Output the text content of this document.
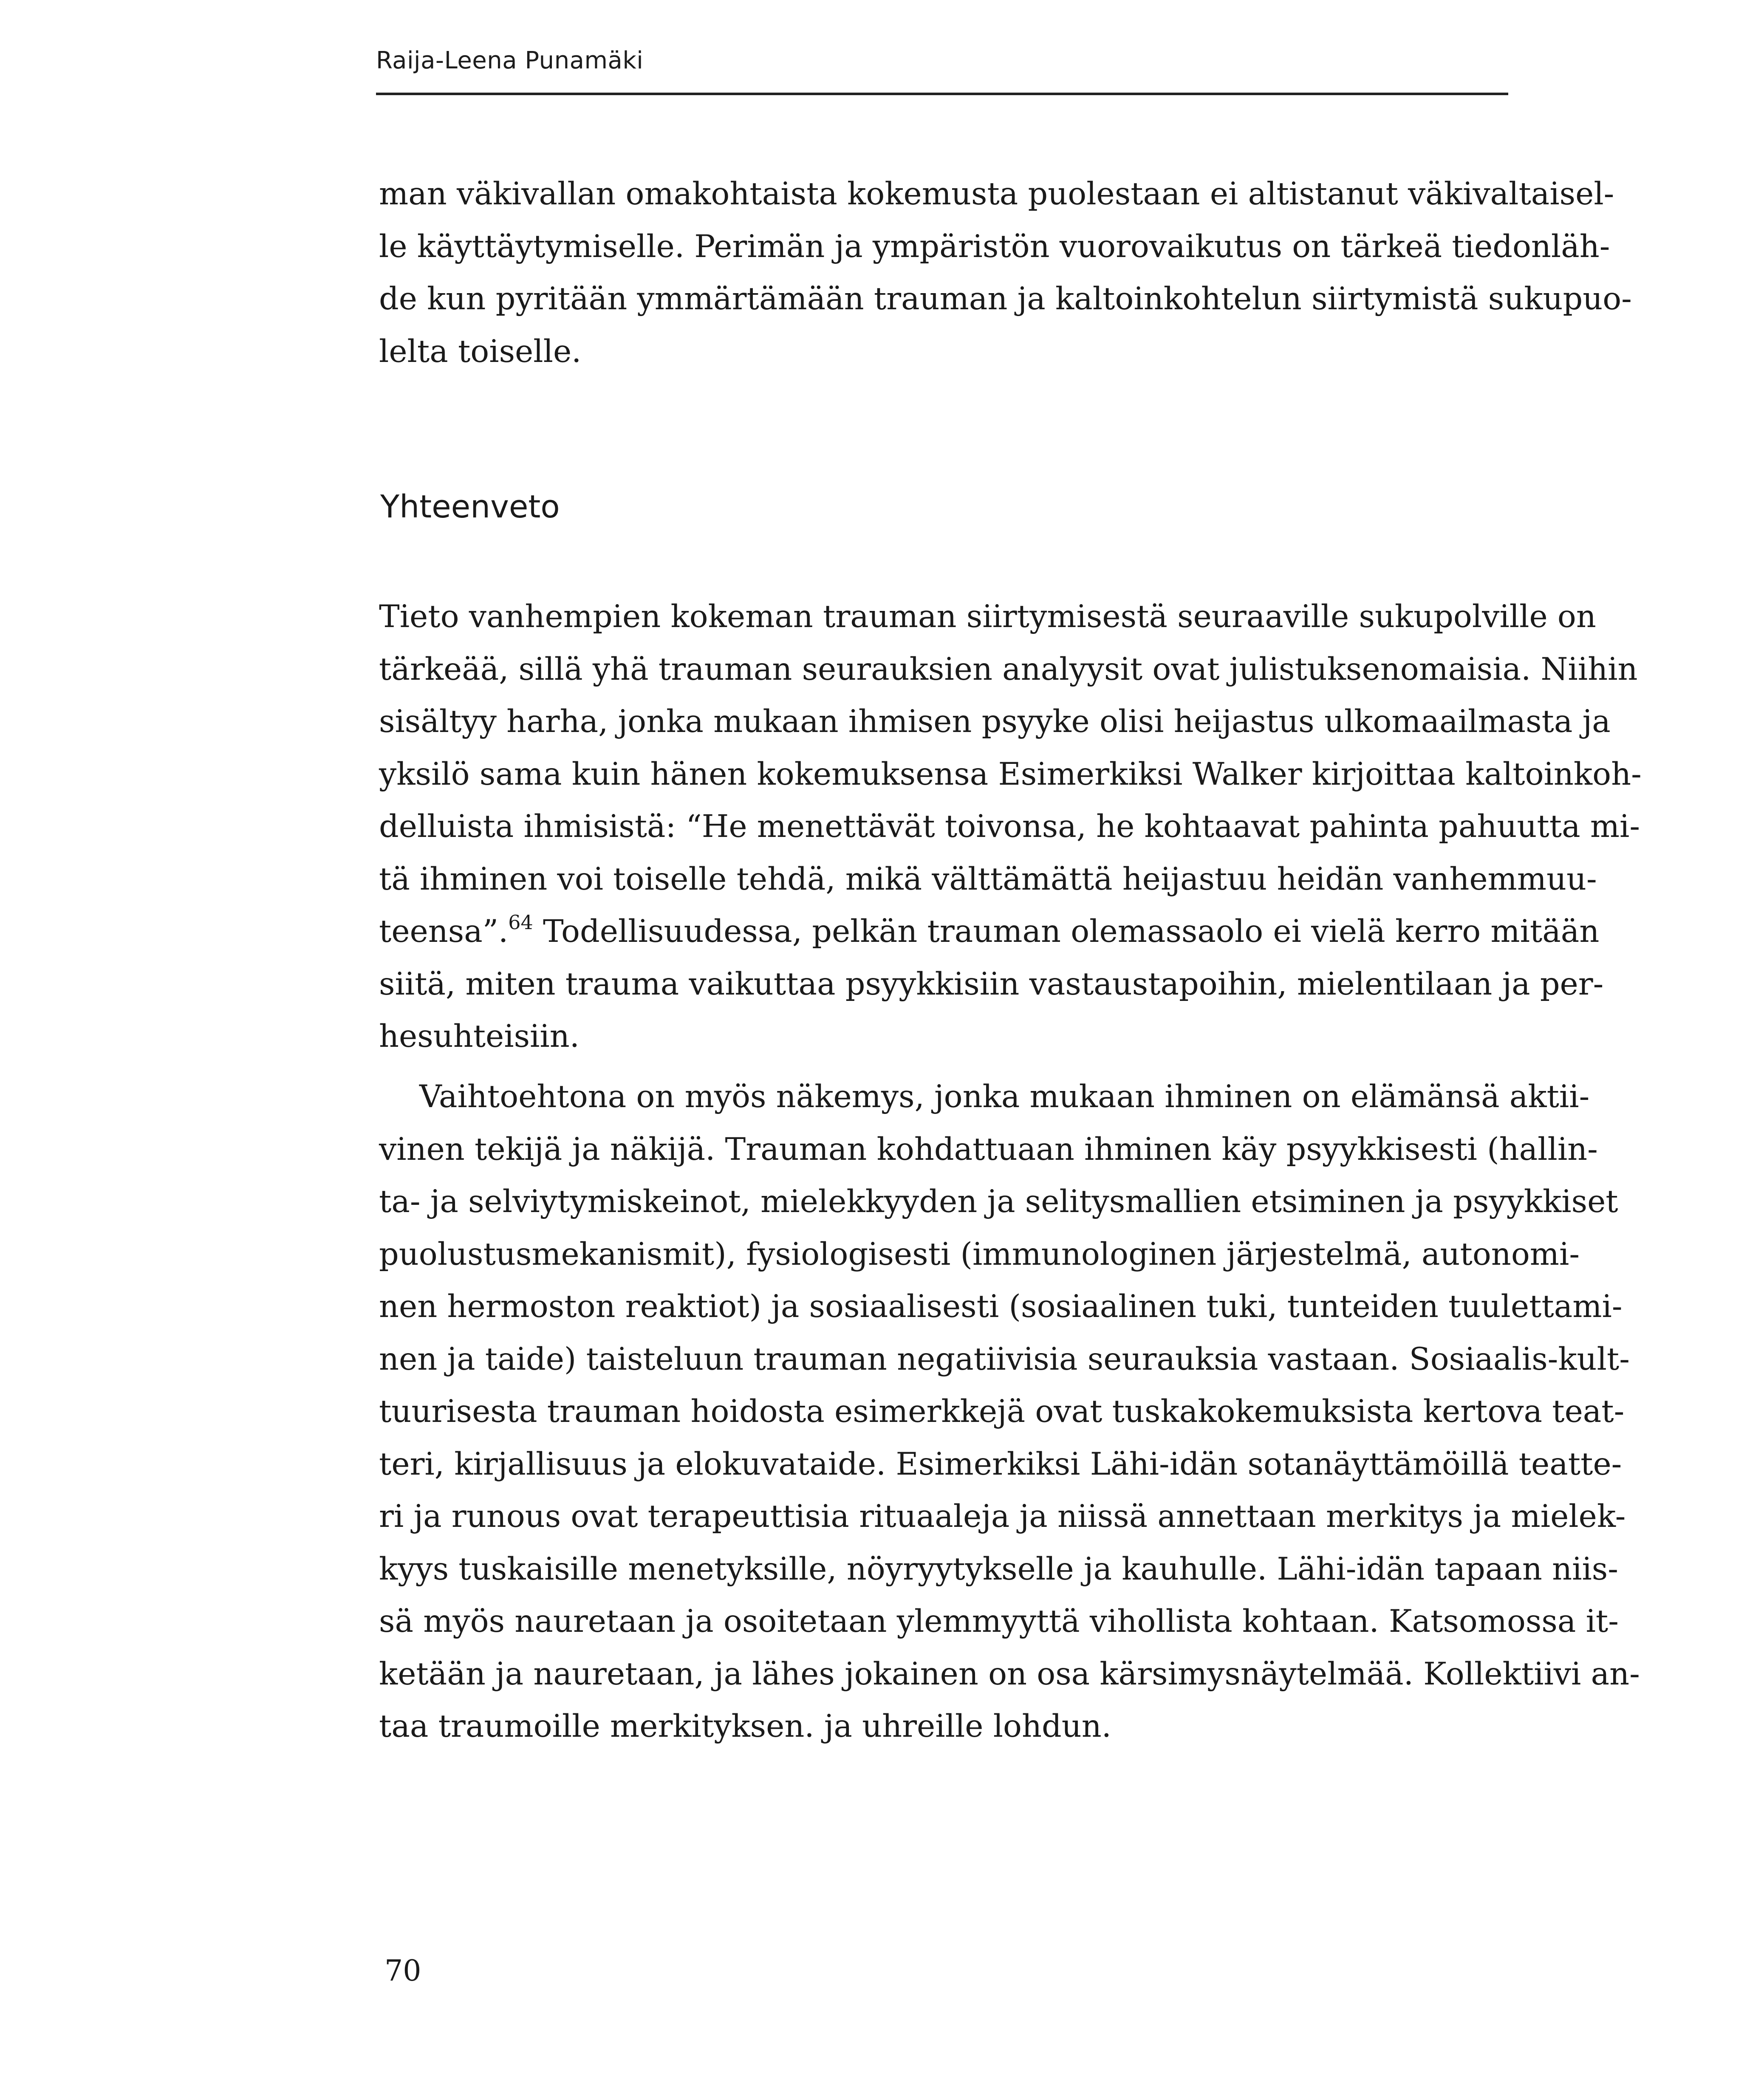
Raija-Leena Punamäki
man väkivallan omakohtaista kokemusta puolestaan ei altistanut väkivaltaisel-
le käyttäytymiselle. Perimän ja ympäristön vuorovaikutus on tärkeä tiedonläh-
de kun pyritään ymmärtämään trauman ja kaltoinkohtelun siirtymistä sukupuo-
lelta toiselle.
Yhteenveto
Tieto vanhempien kokeman trauman siirtymisestä seuraaville sukupolville on
tärkeää, sillä yhä trauman seurauksien analyysit ovat julistuksenomaisia. Niihin
sisältyy harha, jonka mukaan ihmisen psyyke olisi heijastus ulkomaailmasta ja
yksilö sama kuin hänen kokemuksensa Esimerkiksi Walker kirjoittaa kaltoinkoh-
delluista ihmisistä: “He menettävät toivonsa, he kohtaavat pahinta pahuutta mi-
tä ihminen voi toiselle tehdä, mikä välttämättä heijastuu heidän vanhemmuu-
teensa”.$^{64}$ Todellisuudessa, pelkän trauman olemassaolo ei vielä kerro mitään
siitä, miten trauma vaikuttaa psyykkisiin vastaustapoihin, mielentilaan ja per-
hesuhteisiin.
Vaihtoehtona on myös näkemys, jonka mukaan ihminen on elämänsä aktii-
vinen tekijä ja näkijä. Trauman kohdattuaan ihminen käy psyykkisesti (hallin-
ta- ja selviytymiskeinot, mielekkyyden ja selitysmallien etsiminen ja psyykkiset
puolustusmekanismit), fysiologisesti (immunologinen järjestelmä, autonomi-
nen hermoston reaktiot) ja sosiaalisesti (sosiaalinen tuki, tunteiden tuulettami-
nen ja taide) taisteluun trauman negatiivisia seurauksia vastaan. Sosiaalis-kult-
tuurisesta trauman hoidosta esimerkkejä ovat tuskakokemuksista kertova teat-
teri, kirjallisuus ja elokuvataide. Esimerkiksi Lähi-idän sotanäyttämöillä teatte-
ri ja runous ovat terapeuttisia rituaaleja ja niissä annettaan merkitys ja mielek-
kyys tuskaisille menetyksille, nöyryytykselle ja kauhulle. Lähi-idän tapaan niis-
sä myös nauretaan ja osoitetaan ylemmyyttä vihollista kohtaan. Katsomossa it-
ketään ja nauretaan, ja lähes jokainen on osa kärsimysnäytelmää. Kollektiivi an-
taa traumoille merkityksen. ja uhreille lohdun.
70
